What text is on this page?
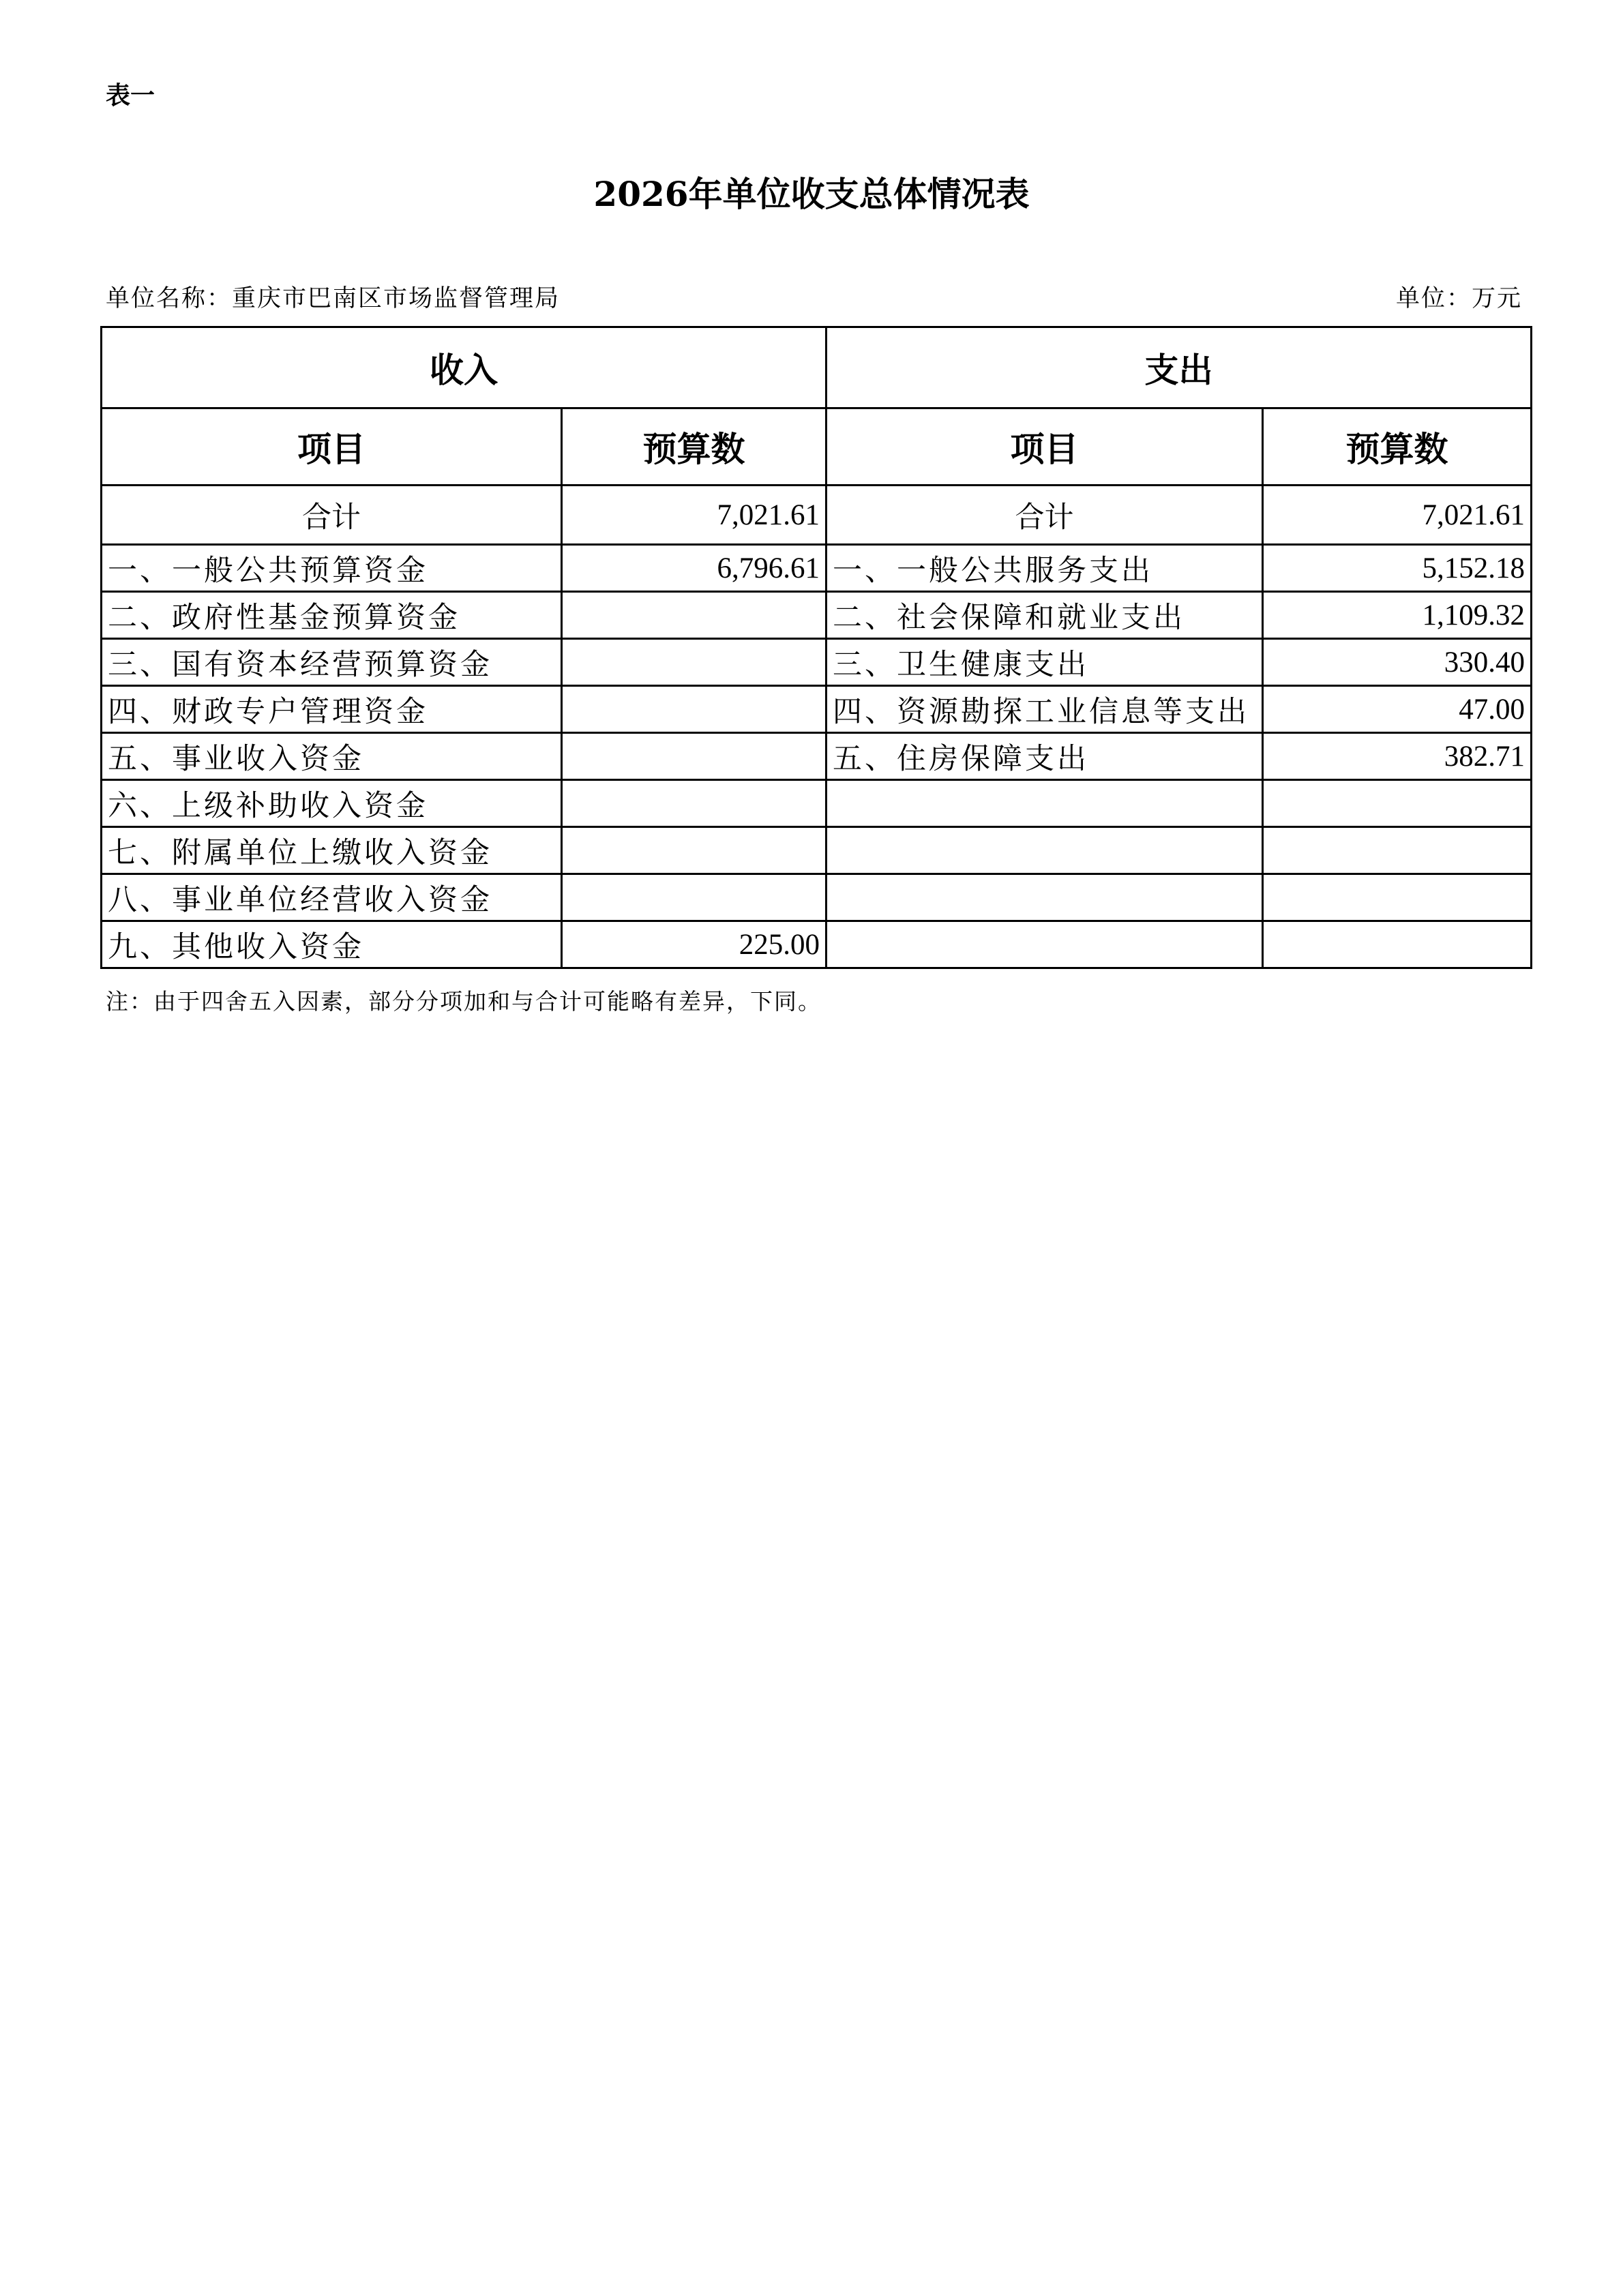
表一
2026年单位收支总体情况表
单位名称：重庆市巴南区市场监督管理局	单位：万元
收入		支出	
项目	预算数	项目	预算数
合计	7,021.61	合计	7,021.61
一、一般公共预算资金	6,796.61	一、一般公共服务支出	5,152.18
二、政府性基金预算资金		二、社会保障和就业支出	1,109.32
三、国有资本经营预算资金		三、卫生健康支出	330.40
四、财政专户管理资金		四、资源勘探工业信息等支出	47.00
五、事业收入资金		五、住房保障支出	382.71
六、上级补助收入资金			
七、附属单位上缴收入资金			
八、事业单位经营收入资金			
九、其他收入资金	225.00		
注：由于四舍五入因素，部分分项加和与合计可能略有差异，下同。
